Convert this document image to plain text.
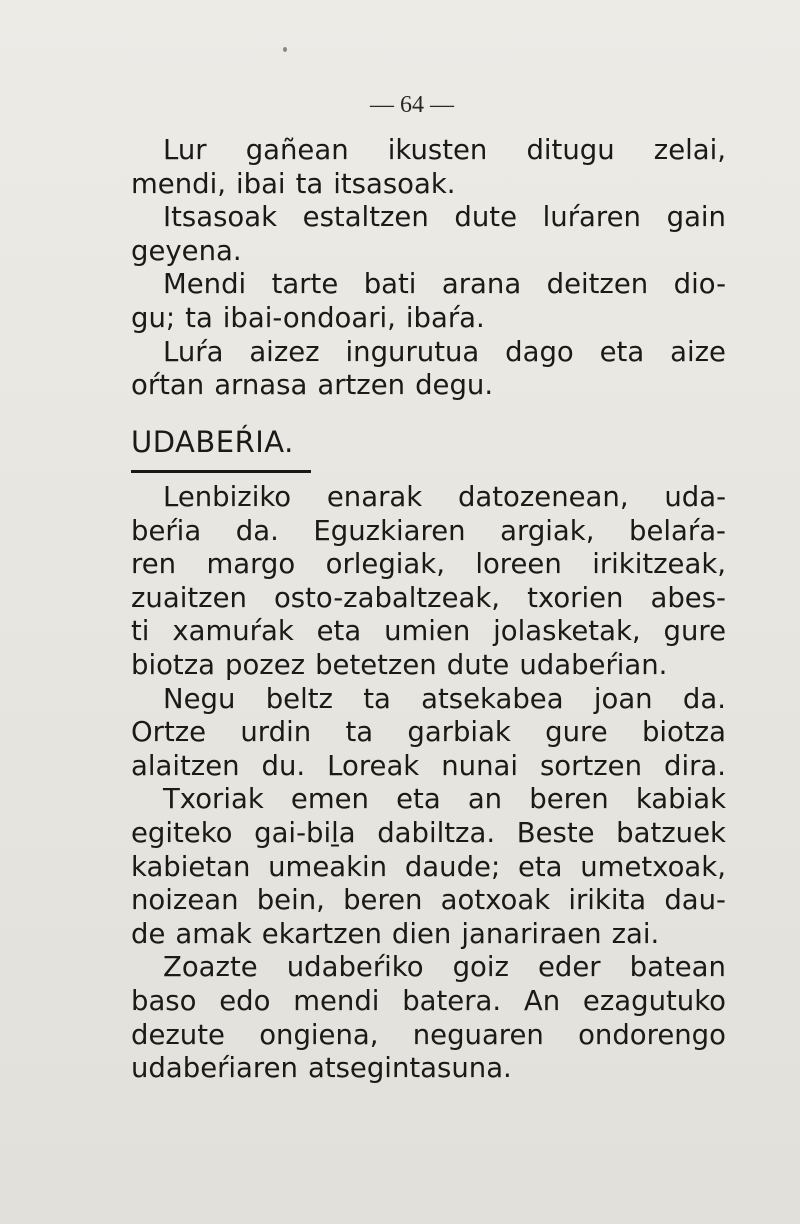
— 64 —
Lur gañean ikusten ditugu zelai,
mendi, ibai ta itsasoak.
Itsasoak estaltzen dute luŕaren gain
geyena.
Mendi tarte bati arana deitzen dio-
gu; ta ibai-ondoari, ibaŕa.
Luŕa aizez ingurutua dago eta aize
oŕtan arnasa artzen degu.
UDABEŔIA.
Lenbiziko enarak datozenean, uda-
beŕia da. Eguzkiaren argiak, belaŕa-
ren margo orlegiak, loreen irikitzeak,
zuaitzen osto-zabaltzeak, txorien abes-
ti xamuŕak eta umien jolasketak, gure
biotza pozez betetzen dute udabeŕian.
Negu beltz ta atsekabea joan da.
Ortze urdin ta garbiak gure biotza
alaitzen du. Loreak nunai sortzen dira.
Txoriak emen eta an beren kabiak
egiteko gai-biḻa dabiltza. Beste batzuek
kabietan umeakin daude; eta umetxoak,
noizean bein, beren aotxoak irikita dau-
de amak ekartzen dien janariraen zai.
Zoazte udabeŕiko goiz eder batean
baso edo mendi batera. An ezagutuko
dezute ongiena, neguaren ondorengo
udabeŕiaren atsegintasuna.
